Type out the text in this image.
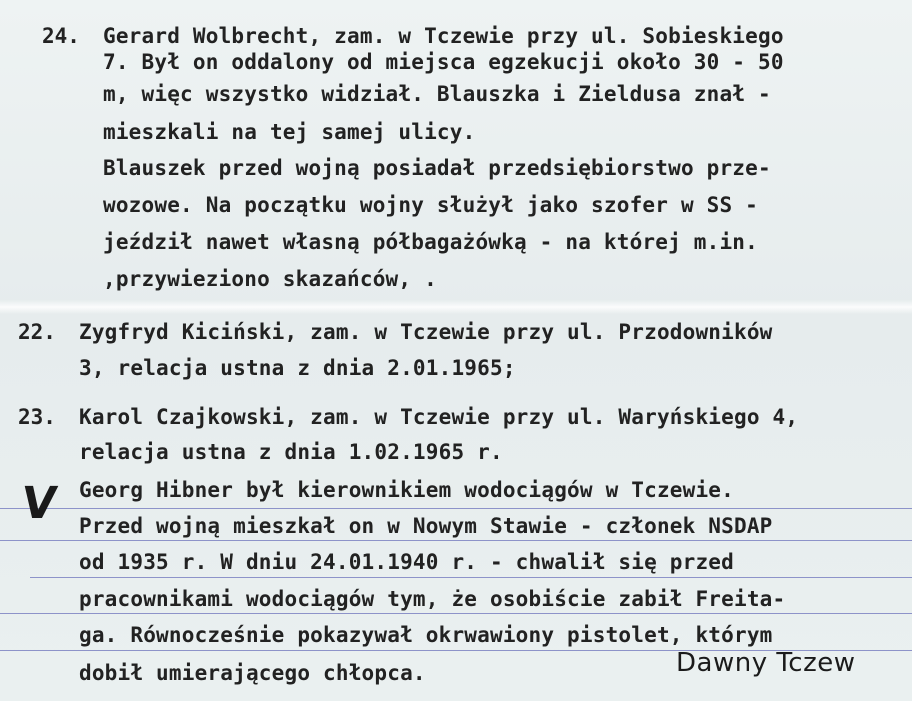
24. Gerard Wolbrecht, zam. w Tczewie przy ul. Sobieskiego
7. Był on oddalony od miejsca egzekucji około 30 - 50
m, więc wszystko widział. Blauszka i Zieldusa znał -
mieszkali na tej samej ulicy.
Blauszek przed wojną posiadał przedsiębiorstwo prze-
wozowe. Na początku wojny służył jako szofer w SS -
jeździł nawet własną półbagażówką - na której m.in.
,przywieziono skazańców, .
22. Zygfryd Kiciński, zam. w Tczewie przy ul. Przodowników
3, relacja ustna z dnia 2.01.1965;
23. Karol Czajkowski, zam. w Tczewie przy ul. Waryńskiego 4,
relacja ustna z dnia 1.02.1965 r.
Georg Hibner był kierownikiem wodociągów w Tczewie.
Przed wojną mieszkał on w Nowym Stawie - członek NSDAP
od 1935 r. W dniu 24.01.1940 r. - chwalił się przed
pracownikami wodociągów tym, że osobiście zabił Freita-
ga. Równocześnie pokazywał okrwawiony pistolet, którym
dobił umierającego chłopca.
V
Dawny Tczew
